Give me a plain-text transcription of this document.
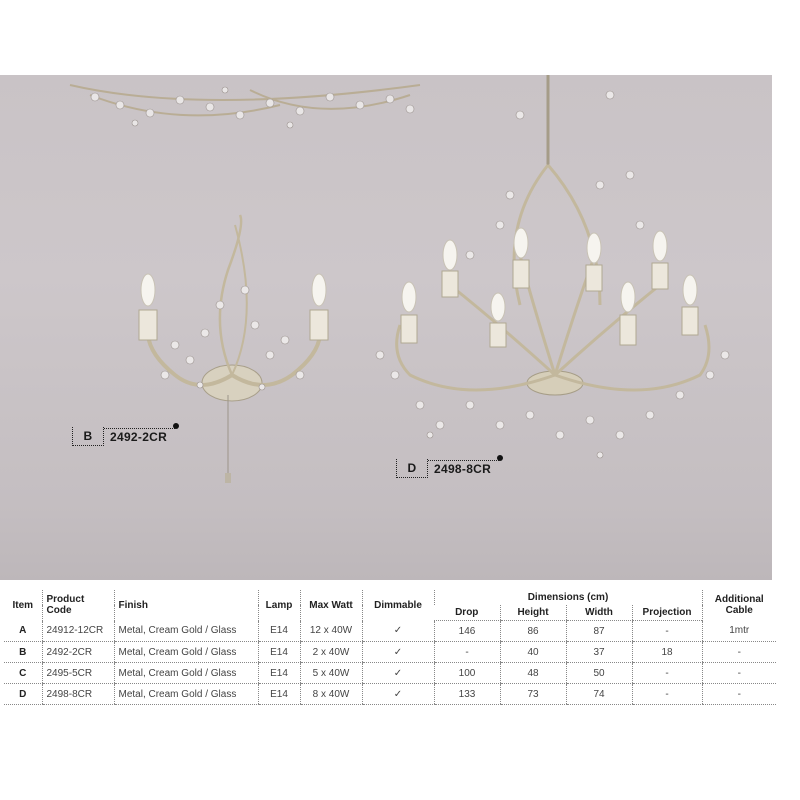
B	2492-2CR
D	2498-8CR
Item	Product Code	Finish	Lamp	Max Watt	Dimmable	Dimensions (cm)				Additional Cable
						Drop	Height	Width	Projection	
A	24912-12CR	Metal, Cream Gold / Glass	E14	12 x 40W	✓	146	86	87	-	1mtr
B	2492-2CR	Metal, Cream Gold / Glass	E14	2 x 40W	✓	-	40	37	18	-
C	2495-5CR	Metal, Cream Gold / Glass	E14	5 x 40W	✓	100	48	50	-	-
D	2498-8CR	Metal, Cream Gold / Glass	E14	8 x 40W	✓	133	73	74	-	-
